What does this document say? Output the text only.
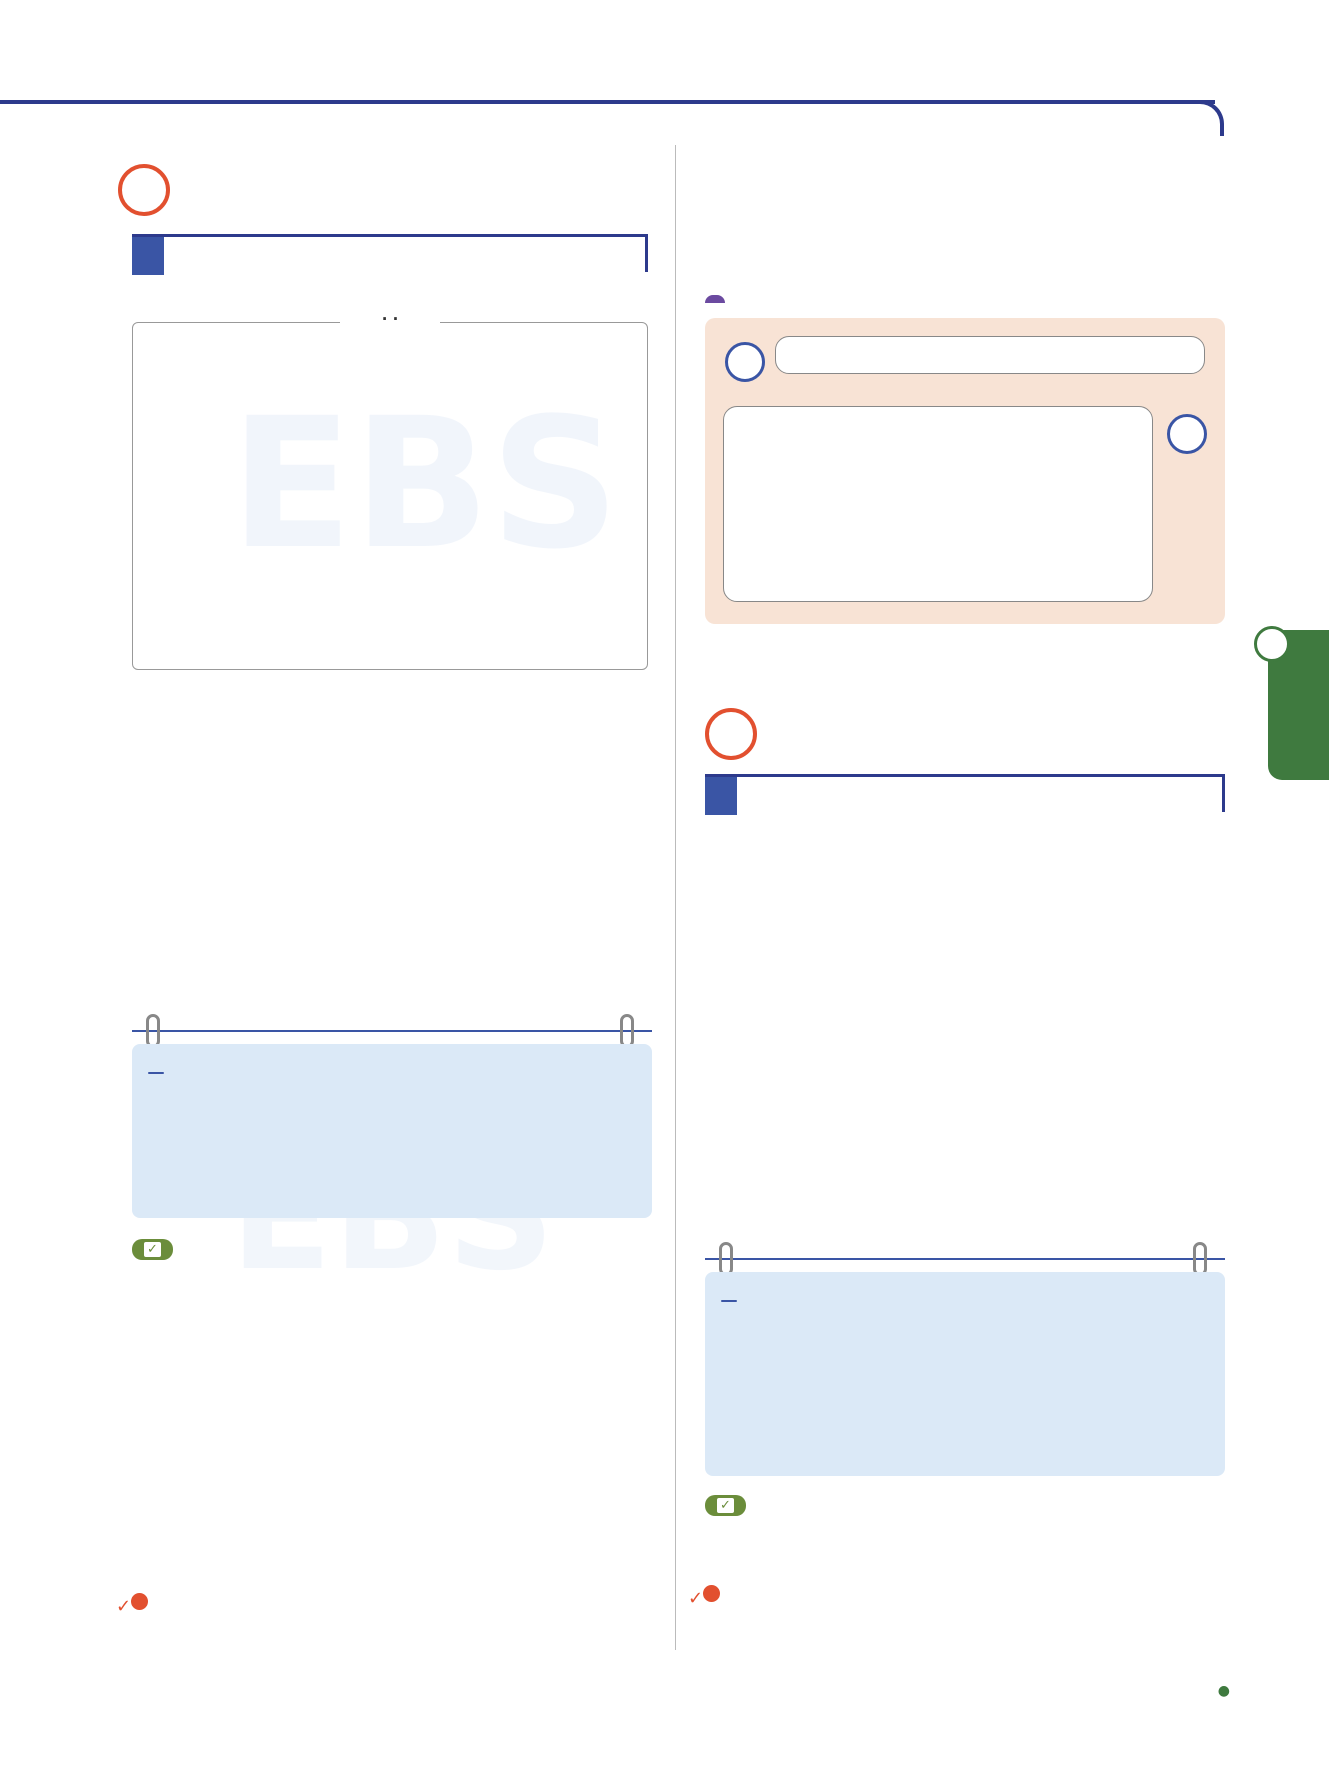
EBS
· ·
✓
✓
✓
✓
●
